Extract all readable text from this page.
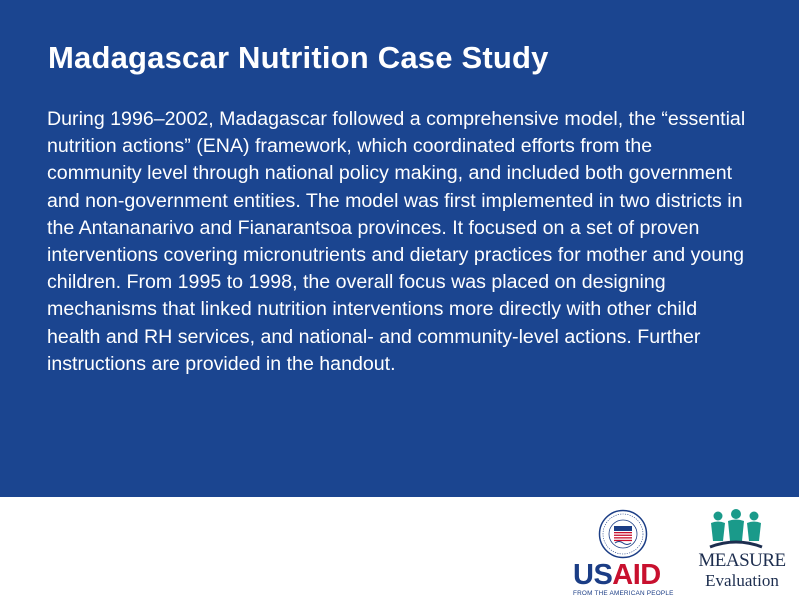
Madagascar Nutrition Case Study

During 1996–2002, Madagascar followed a comprehensive model, the “essential nutrition actions” (ENA) framework, which coordinated efforts from the community level through national policy making, and included both government and non-government entities. The model was first implemented in two districts in the Antananarivo and Fianarantsoa provinces. It focused on a set of proven interventions covering micronutrients and dietary practices for mother and young children. From 1995 to 1998, the overall focus was placed on designing mechanisms that linked nutrition interventions more directly with other child health and RH services, and national- and community-level actions. Further instructions are provided in the handout.

USAID

FROM THE AMERICAN PEOPLE

MEASURE

Evaluation
